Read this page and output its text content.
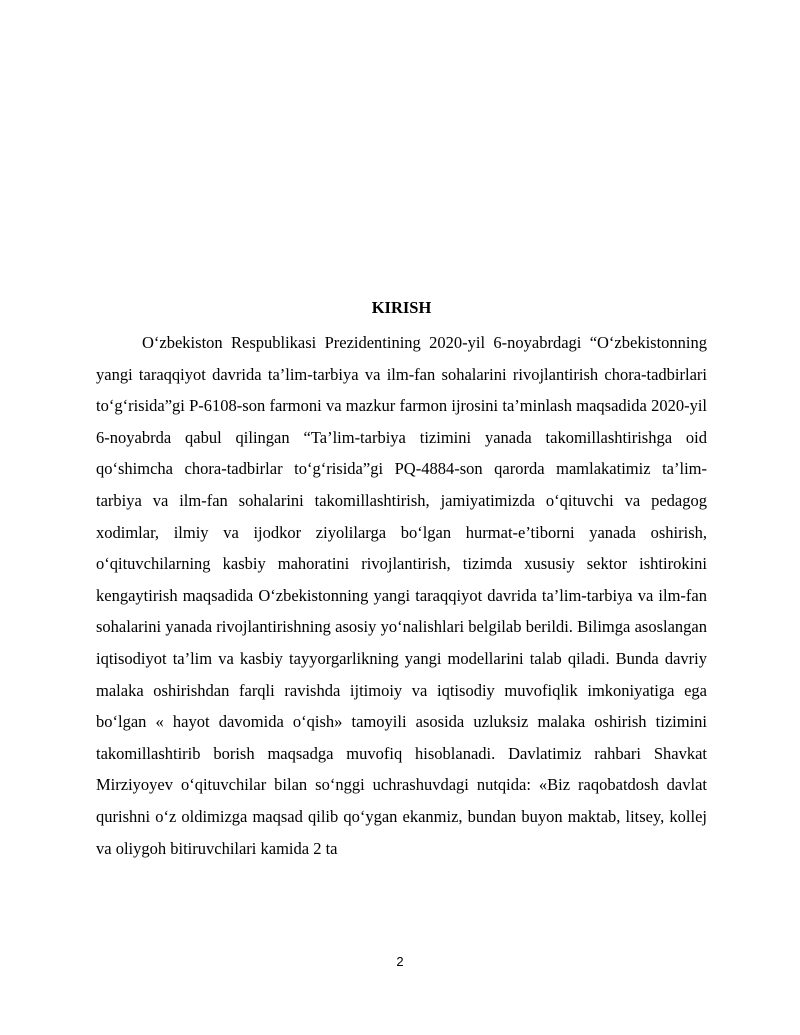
KIRISH

O‘zbekiston Respublikasi Prezidentining 2020-yil 6-noyabrdagi “O‘zbekistonning yangi taraqqiyot davrida ta’lim-tarbiya va ilm-fan sohalarini rivojlantirish chora-tadbirlari to‘g‘risida”gi P-6108-son farmoni va mazkur farmon ijrosini ta’minlash maqsadida 2020-yil 6-noyabrda qabul qilingan “Ta’lim-tarbiya tizimini yanada takomillashtirishga oid qo‘shimcha chora-tadbirlar to‘g‘risida”gi PQ-4884-son qarorda mamlakatimiz ta’lim-tarbiya va ilm-fan sohalarini takomillashtirish, jamiyatimizda o‘qituvchi va pedagog xodimlar, ilmiy va ijodkor ziyolilarga bo‘lgan hurmat-e’tiborni yanada oshirish, o‘qituvchilarning kasbiy mahoratini rivojlantirish, tizimda xususiy sektor ishtirokini kengaytirish maqsadida O‘zbekistonning yangi taraqqiyot davrida ta’lim-tarbiya va ilm-fan sohalarini yanada rivojlantirishning asosiy yo‘nalishlari belgilab berildi. Bilimga asoslangan iqtisodiyot ta’lim va kasbiy tayyorgarlikning yangi modellarini talab qiladi. Bunda davriy malaka oshirishdan farqli ravishda ijtimoiy va iqtisodiy muvofiqlik imkoniyatiga ega bo‘lgan « hayot davomida o‘qish» tamoyili asosida uzluksiz malaka oshirish tizimini takomillashtirib borish maqsadga muvofiq hisoblanadi. Davlatimiz rahbari Shavkat Mirziyoyev o‘qituvchilar bilan so‘nggi uchrashuvdagi nutqida: «Biz raqobatdosh davlat qurishni o‘z oldimizga maqsad qilib qo‘ygan ekanmiz, bundan buyon maktab, litsey, kollej va oliygoh bitiruvchilari kamida 2 ta

2
